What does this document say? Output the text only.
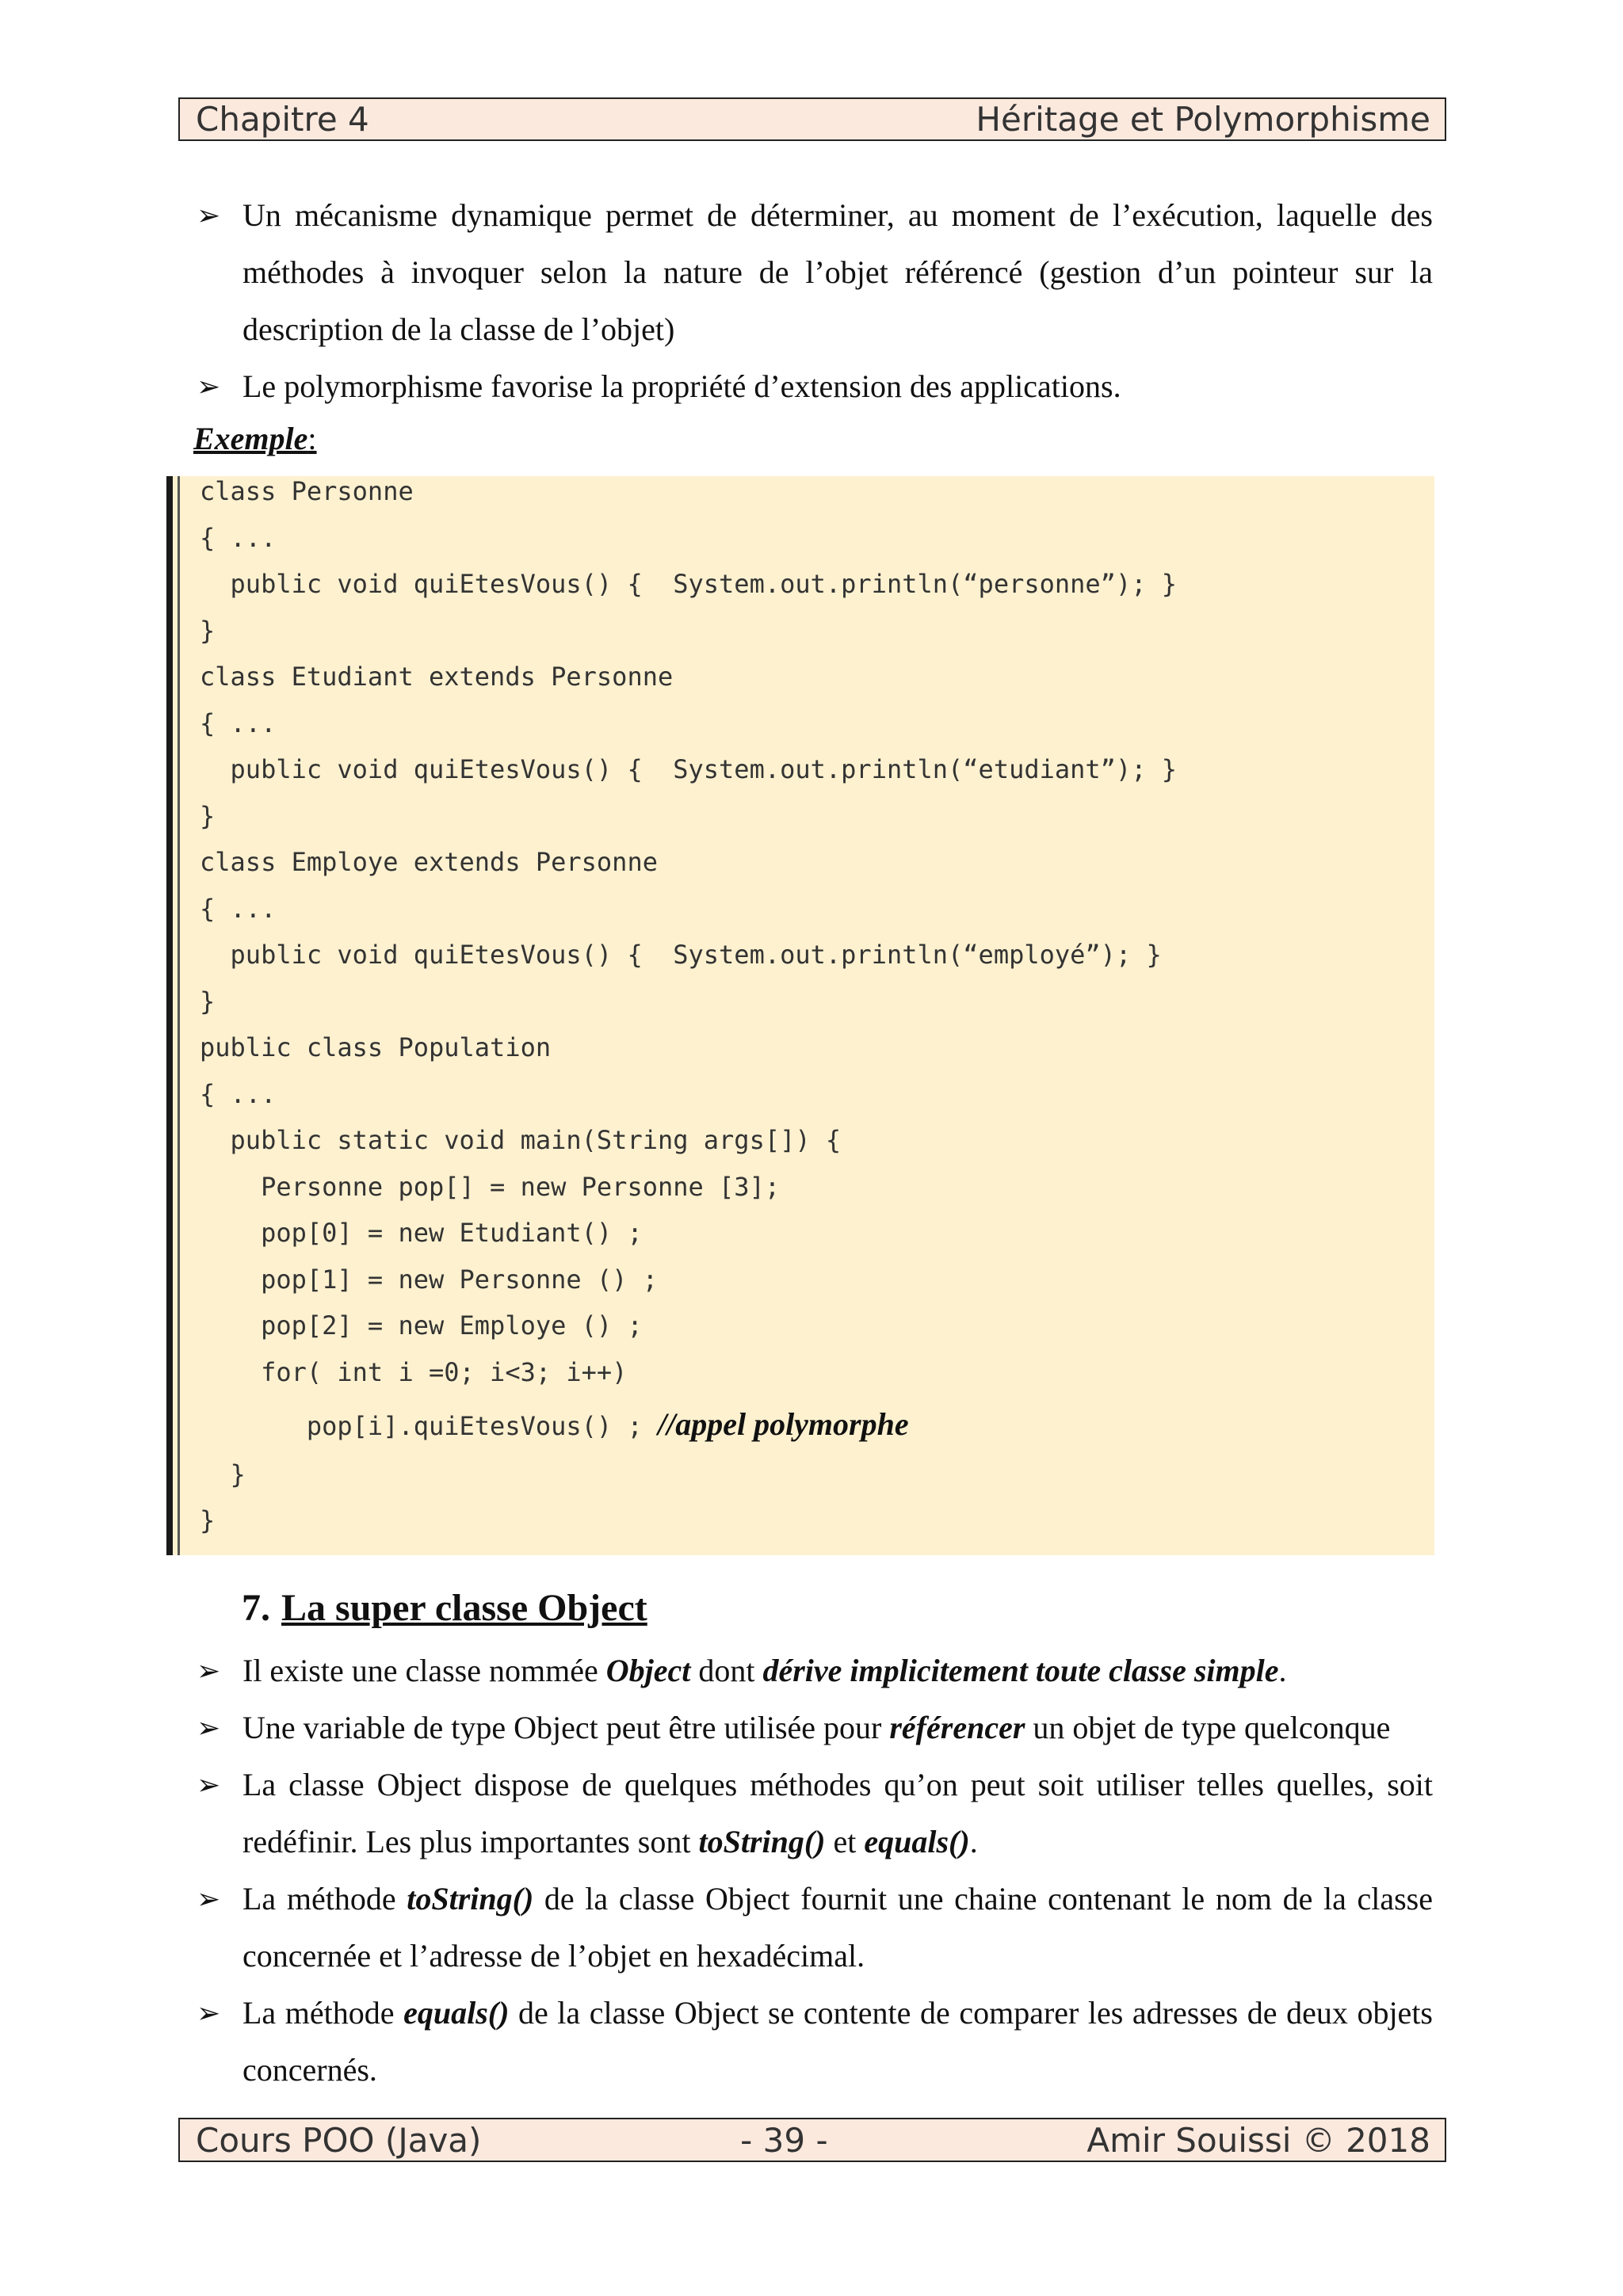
Chapitre 4	Héritage et Polymorphisme
➢ Un mécanisme dynamique permet de déterminer, au moment de l’exécution, laquelle des méthodes à invoquer selon la nature de l’objet référencé (gestion d’un pointeur sur la description de la classe de l’objet)
➢ Le polymorphisme favorise la propriété d’extension des applications.
Exemple:
class Personne
{ ...
public void quiEtesVous() {  System.out.println(“personne”); }
}
class Etudiant extends Personne
{ ...
public void quiEtesVous() {  System.out.println(“etudiant”); }
}
class Employe extends Personne
{ ...
public void quiEtesVous() {  System.out.println(“employé”); }
}
public class Population
{ ...
public static void main(String args[]) {
Personne pop[] = new Personne [3];
pop[0] = new Etudiant() ;
pop[1] = new Personne () ;
pop[2] = new Employe () ;
for( int i =0; i<3; i++)
pop[i].quiEtesVous() ; //appel polymorphe
}
}
7. La super classe Object
➢ Il existe une classe nommée Object dont dérive implicitement toute classe simple.
➢ Une variable de type Object peut être utilisée pour référencer un objet de type quelconque
➢ La classe Object dispose de quelques méthodes qu’on peut soit utiliser telles quelles, soit redéfinir. Les plus importantes sont toString() et equals().
➢ La méthode toString() de la classe Object fournit une chaine contenant le nom de la classe concernée et l’adresse de l’objet en hexadécimal.
➢ La méthode equals() de la classe Object se contente de comparer les adresses de deux objets concernés.
Cours POO (Java)	- 39 -	Amir Souissi © 2018
